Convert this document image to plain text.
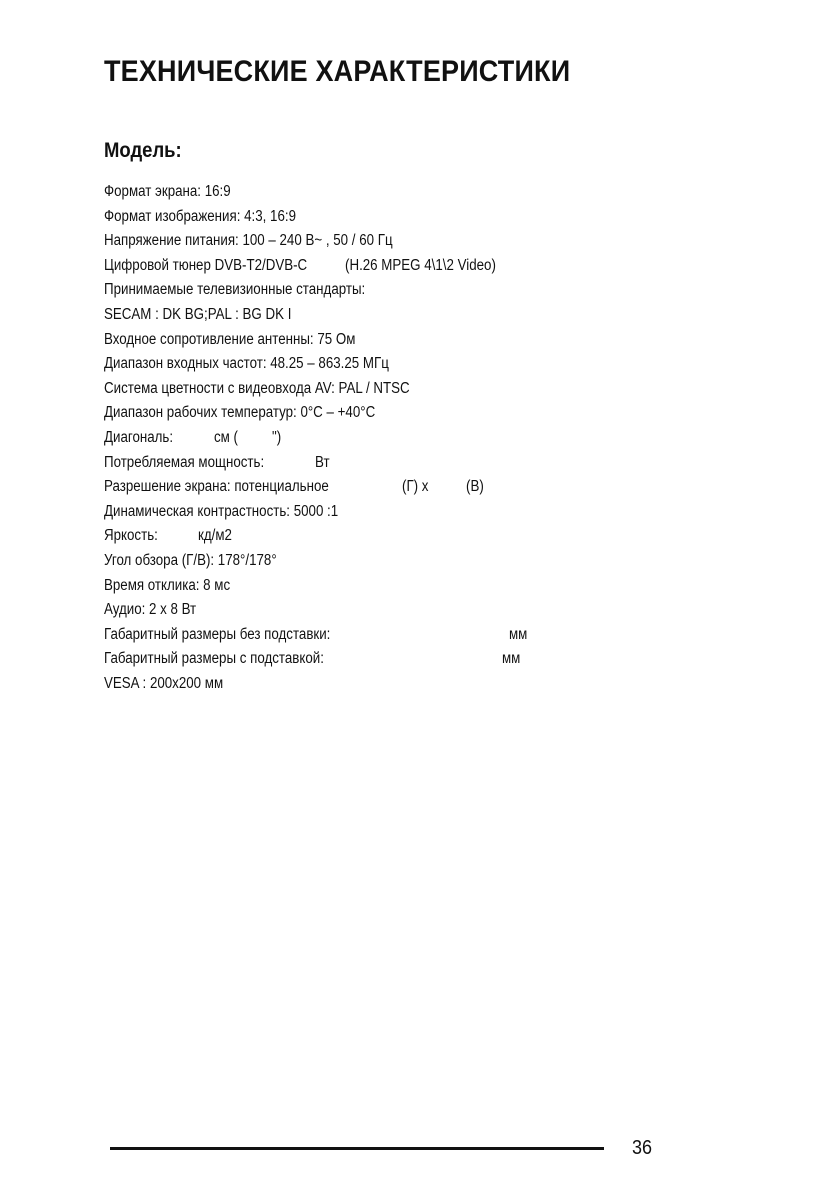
ТЕХНИЧЕСКИЕ ХАРАКТЕРИСТИКИ
Модель:
Формат экрана: 16:9
Формат изображения: 4:3, 16:9
Напряжение питания: 100 – 240 В~ , 50 / 60 Гц
Цифровой тюнер DVB-T2/DVB-C (H.26 MPEG 4\1\2 Video)
Принимаемые телевизионные стандарты:
SECAM : DK BG;PAL : BG DK I
Входное сопротивление антенны: 75 Ом
Диапазон входных частот: 48.25 – 863.25 МГц
Система цветности с видеовхода AV: PAL / NTSC
Диапазон рабочих температур: 0°С – +40°С
Диагональ:	см ( ")
Потребляемая мощность:	Вт
Разрешение экрана: потенциальное	(Г) х (В)
Динамическая контрастность: 5000 :1
Яркость:	кд/м2
Угол обзора (Г/В): 178°/178°
Время отклика: 8 мс
Аудио: 2 х 8 Вт
Габаритный размеры без подставки:	мм
Габаритный размеры с подставкой:	мм
VESA : 200х200 мм
36
